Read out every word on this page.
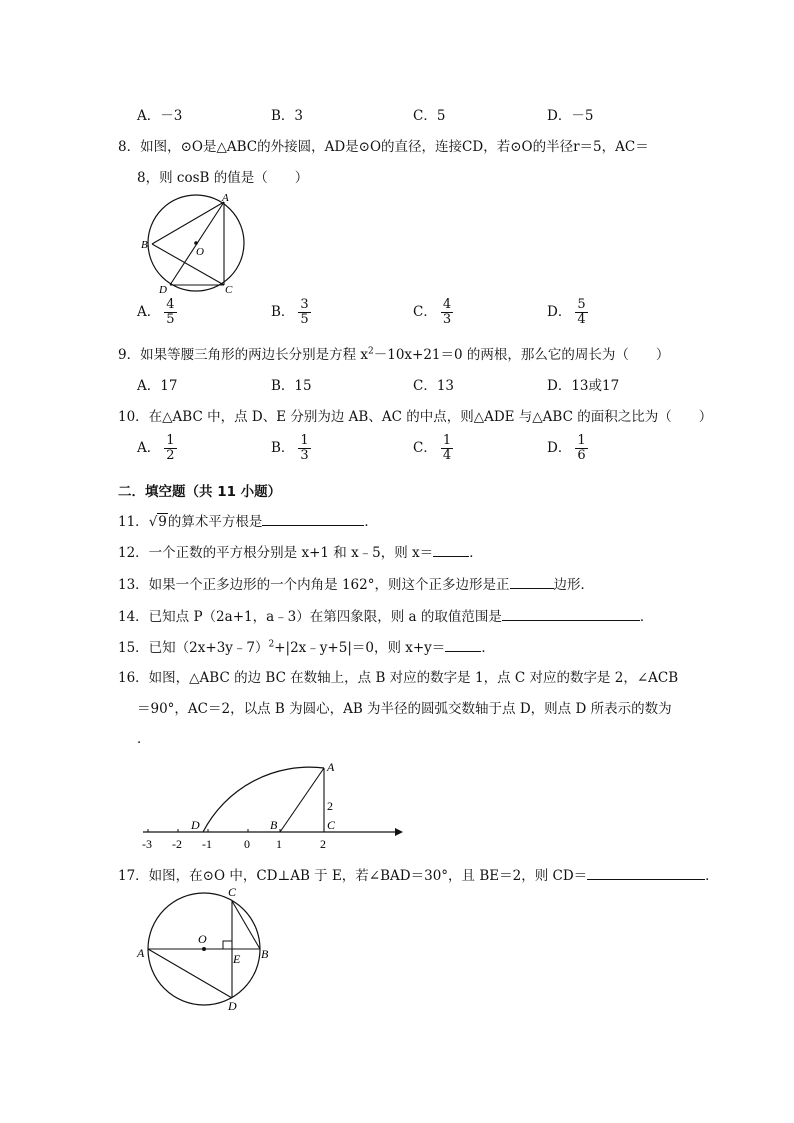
A．－3	B．3	C．5	D．－5
8．如图，⊙O是△ABC的外接圆，AD是⊙O的直径，连接CD，若⊙O的半径r＝5，AC＝
8，则 cosB 的值是（　　）
A
B
O
D	C
A． $\frac{4}{5}$	B． $\frac{3}{5}$	C． $\frac{4}{3}$	D． $\frac{5}{4}$
9．如果等腰三角形的两边长分别是方程 $x^2-10x+21=0$ 的两根，那么它的周长为（　　）
A．17	B．15	C．13	D．13或17
10．在△ABC 中，点 D、E 分别为边 AB、AC 的中点，则△ADE 与△ABC 的面积之比为（　　）
A． $\frac{1}{2}$	B． $\frac{1}{3}$	C． $\frac{1}{4}$	D． $\frac{1}{6}$
二．填空题（共 11 小题）
11．√9的算术平方根是	．
12．一个正数的平方根分别是 x+1 和 x﹣5，则 x＝	．
13．如果一个正多边形的一个内角是 162°，则这个正多边形是正	边形．
14．已知点 P（2a+1，a﹣3）在第四象限，则 a 的取值范围是	．
15．已知（2x+3y﹣7）$^2$+|2x﹣y+5|＝0，则 x+y＝	．
16．如图，△ABC 的边 BC 在数轴上，点 B 对应的数字是 1，点 C 对应的数字是 2，∠ACB
＝90°，AC＝2，以点 B 为圆心，AB 为半径的圆弧交数轴于点 D，则点 D 所表示的数为
．
A
2
D	B	C
-3 -2 -1	0 1	2
17．如图，在⊙O 中，CD⊥AB 于 E，若∠BAD＝30°，且 BE＝2，则 CD＝	．
C
O
A	E B
D
